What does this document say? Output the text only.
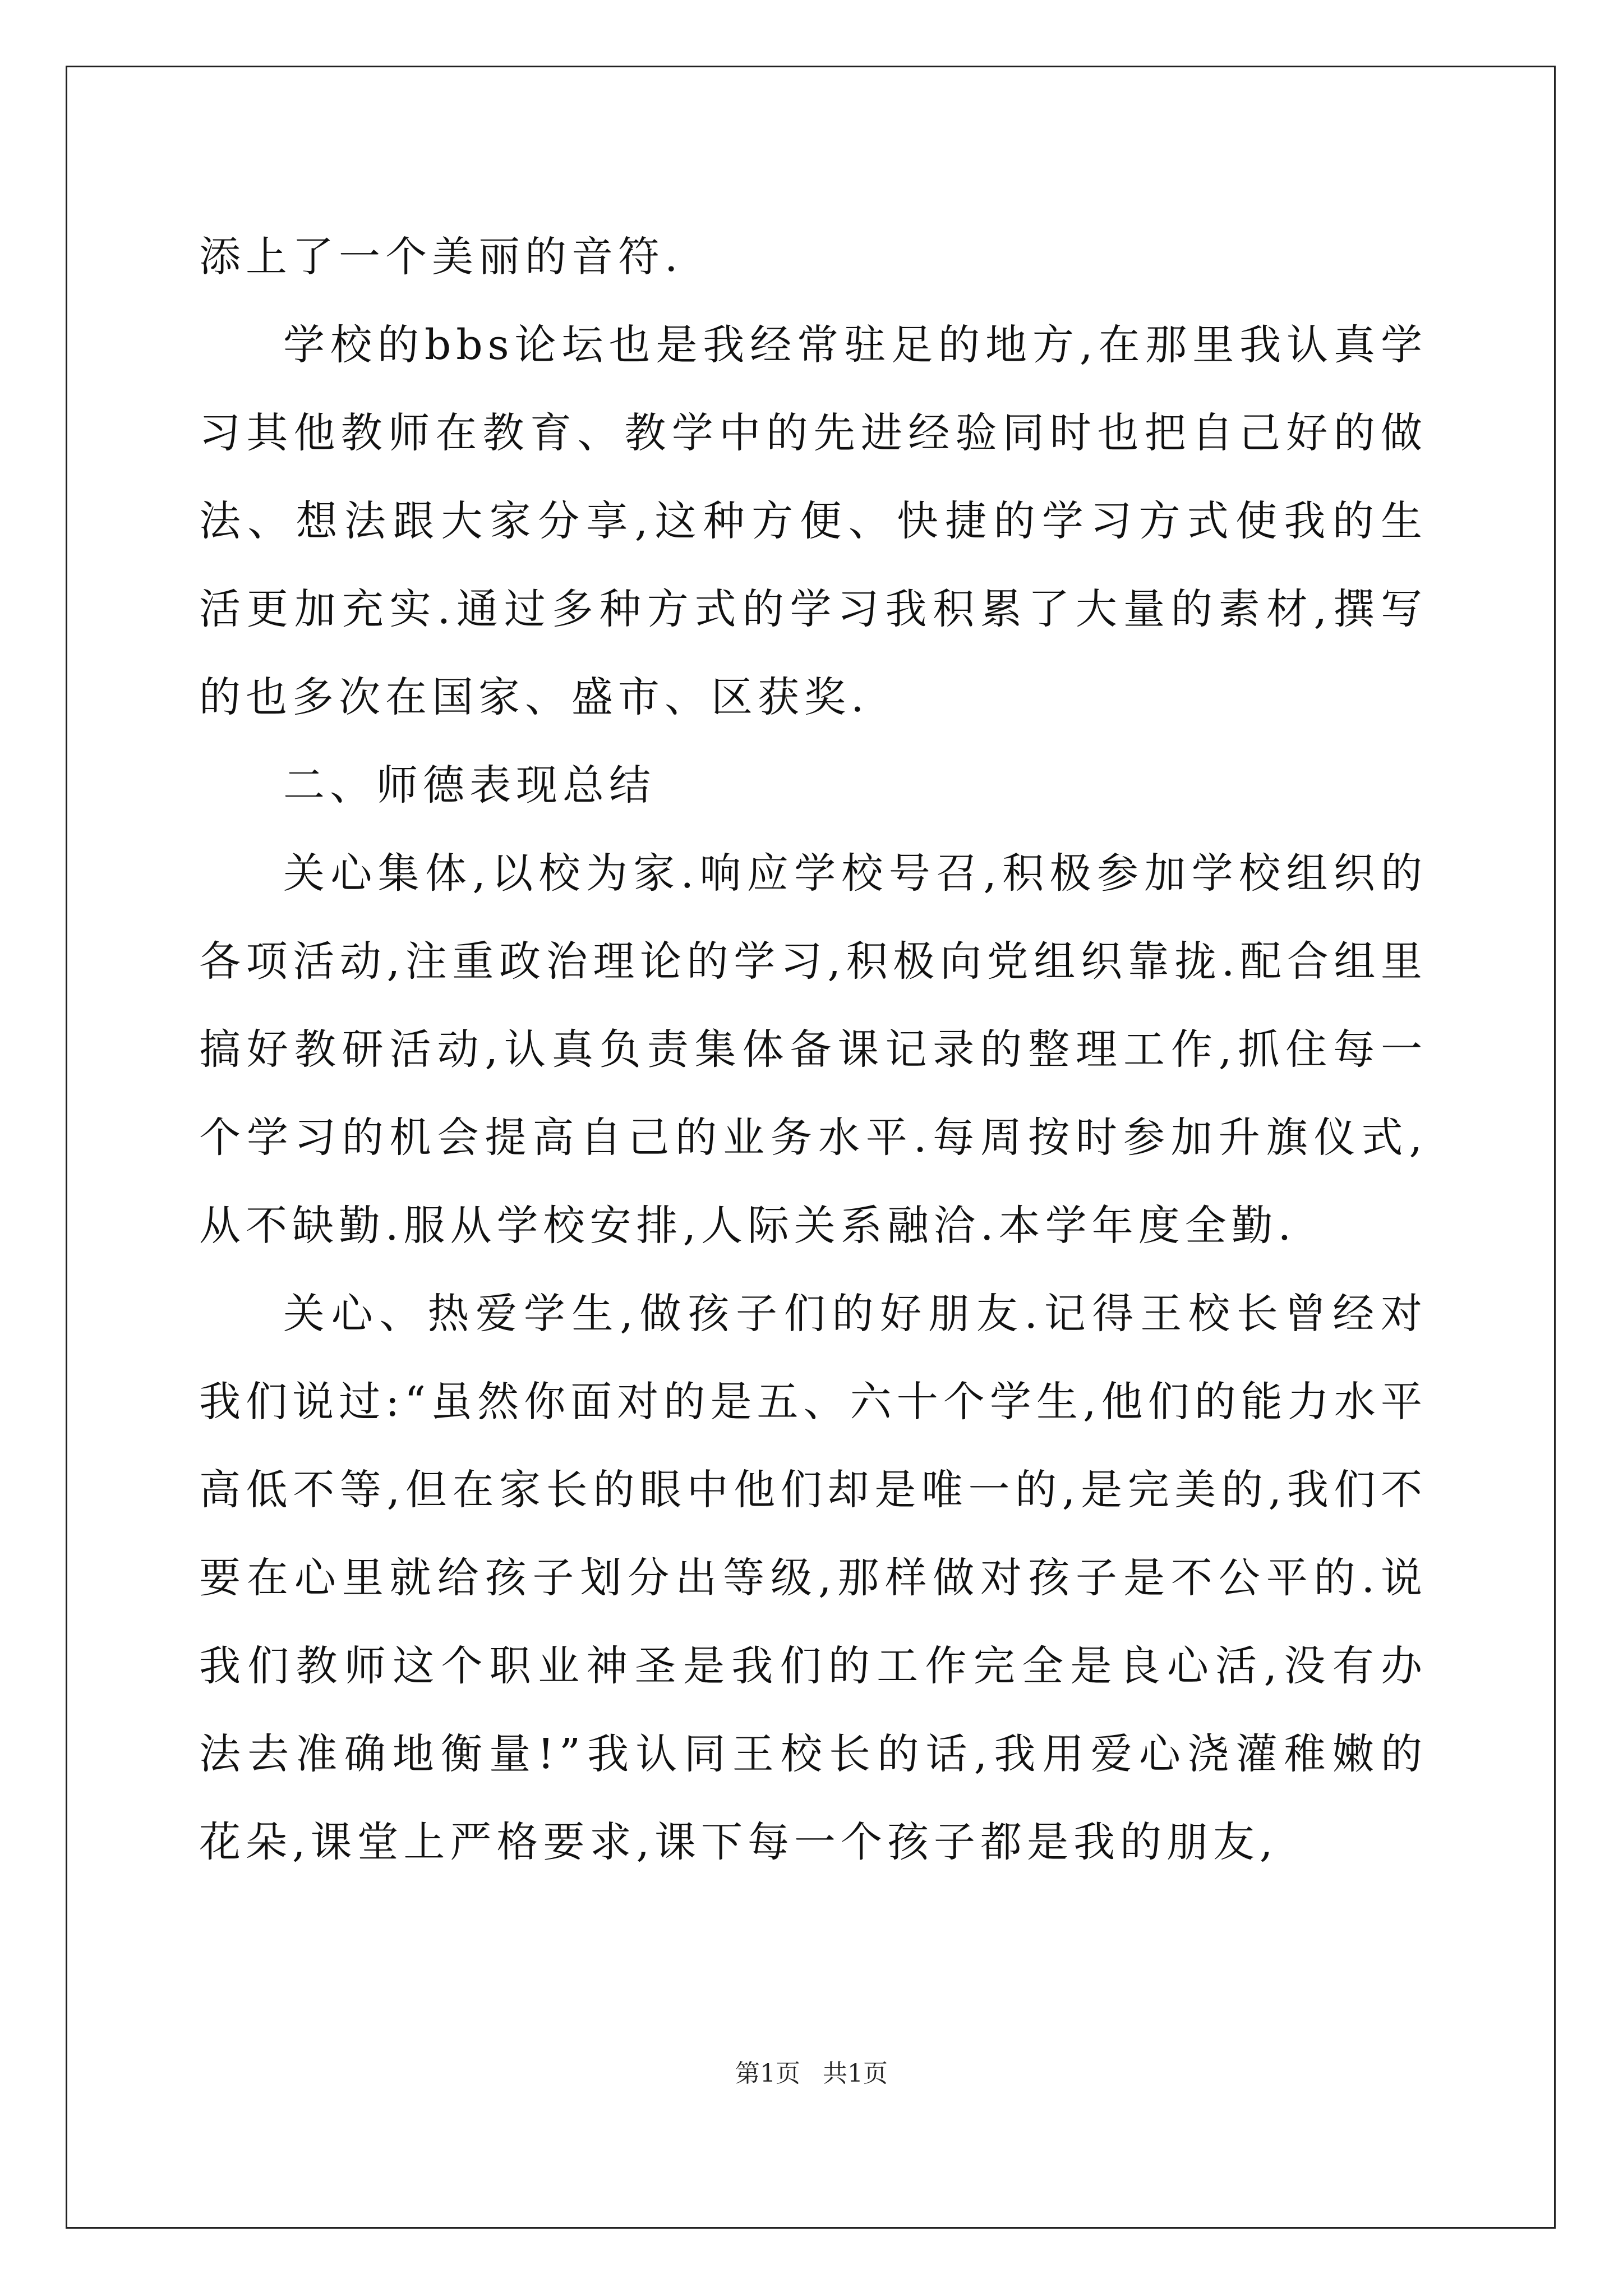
添上了一个美丽的音符.

学校的bbs论坛也是我经常驻足的地方,在那里我认真学习其他教师在教育、教学中的先进经验同时也把自己好的做法、想法跟大家分享,这种方便、快捷的学习方式使我的生活更加充实.通过多种方式的学习我积累了大量的素材,撰写的也多次在国家、盛市、区获奖.

二、师德表现总结

关心集体,以校为家.响应学校号召,积极参加学校组织的各项活动,注重政治理论的学习,积极向党组织靠拢.配合组里搞好教研活动,认真负责集体备课记录的整理工作,抓住每一个学习的机会提高自己的业务水平.每周按时参加升旗仪式,从不缺勤.服从学校安排,人际关系融洽.本学年度全勤.

关心、热爱学生,做孩子们的好朋友.记得王校长曾经对我们说过:“虽然你面对的是五、六十个学生,他们的能力水平高低不等,但在家长的眼中他们却是唯一的,是完美的,我们不要在心里就给孩子划分出等级,那样做对孩子是不公平的.说我们教师这个职业神圣是我们的工作完全是良心活,没有办法去准确地衡量!”我认同王校长的话,我用爱心浇灌稚嫩的花朵,课堂上严格要求,课下每一个孩子都是我的朋友,

第1页 共1页
